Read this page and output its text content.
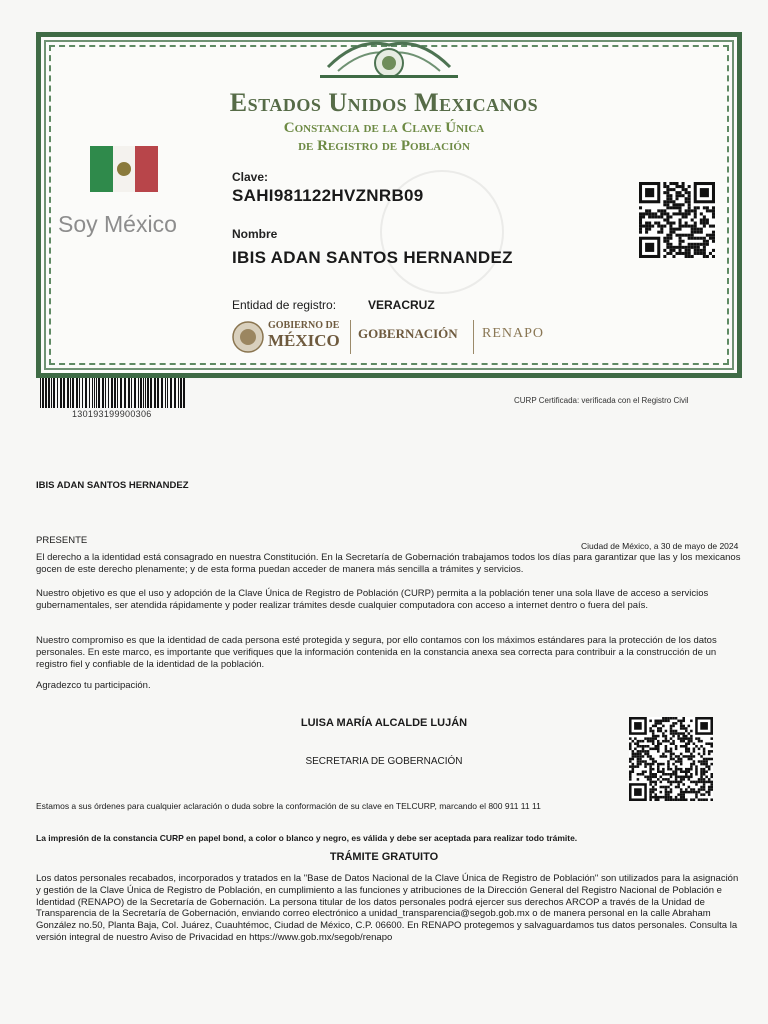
Estados Unidos Mexicanos
Constancia de la Clave Única
de Registro de Población
Soy México
Clave:
SAHI981122HVZNRB09
Nombre
IBIS ADAN SANTOS HERNANDEZ
Entidad de registro:	VERACRUZ
GOBIERNO DE
MÉXICO GOBERNACIÓN RENAPO
130193199900306
CURP Certificada: verificada con el Registro Civil
IBIS ADAN SANTOS HERNANDEZ
PRESENTE	Ciudad de México, a 30 de mayo de 2024
El derecho a la identidad está consagrado en nuestra Constitución. En la Secretaría de Gobernación trabajamos todos los días para garantizar que las y los mexicanos gocen de este derecho plenamente; y de esta forma puedan acceder de manera más sencilla a trámites y servicios.
Nuestro objetivo es que el uso y adopción de la Clave Única de Registro de Población (CURP) permita a la población tener una sola llave de acceso a servicios gubernamentales, ser atendida rápidamente y poder realizar trámites desde cualquier computadora con acceso a internet dentro o fuera del país.
Nuestro compromiso es que la identidad de cada persona esté protegida y segura, por ello contamos con los máximos estándares para la protección de los datos personales. En este marco, es importante que verifiques que la información contenida en la constancia anexa sea correcta para contribuir a la construcción de un registro fiel y confiable de la identidad de la población.
Agradezco tu participación.
LUISA MARÍA ALCALDE LUJÁN
SECRETARIA DE GOBERNACIÓN
Estamos a sus órdenes para cualquier aclaración o duda sobre la conformación de su clave en TELCURP, marcando el 800 911 11 11
La impresión de la constancia CURP en papel bond, a color o blanco y negro, es válida y debe ser aceptada para realizar todo trámite.
TRÁMITE GRATUITO
Los datos personales recabados, incorporados y tratados en la "Base de Datos Nacional de la Clave Única de Registro de Población" son utilizados para la asignación y gestión de la Clave Única de Registro de Población, en cumplimiento a las funciones y atribuciones de la Dirección General del Registro Nacional de Población e Identidad (RENAPO) de la Secretaría de Gobernación. La persona titular de los datos personales podrá ejercer sus derechos ARCOP a través de la Unidad de Transparencia de la Secretaría de Gobernación, enviando correo electrónico a unidad_transparencia@segob.gob.mx o de manera personal en la calle Abraham González no.50, Planta Baja, Col. Juárez, Cuauhtémoc, Ciudad de México, C.P. 06600. En RENAPO protegemos y salvaguardamos tus datos personales. Consulta la versión integral de nuestro Aviso de Privacidad en https://www.gob.mx/segob/renapo
